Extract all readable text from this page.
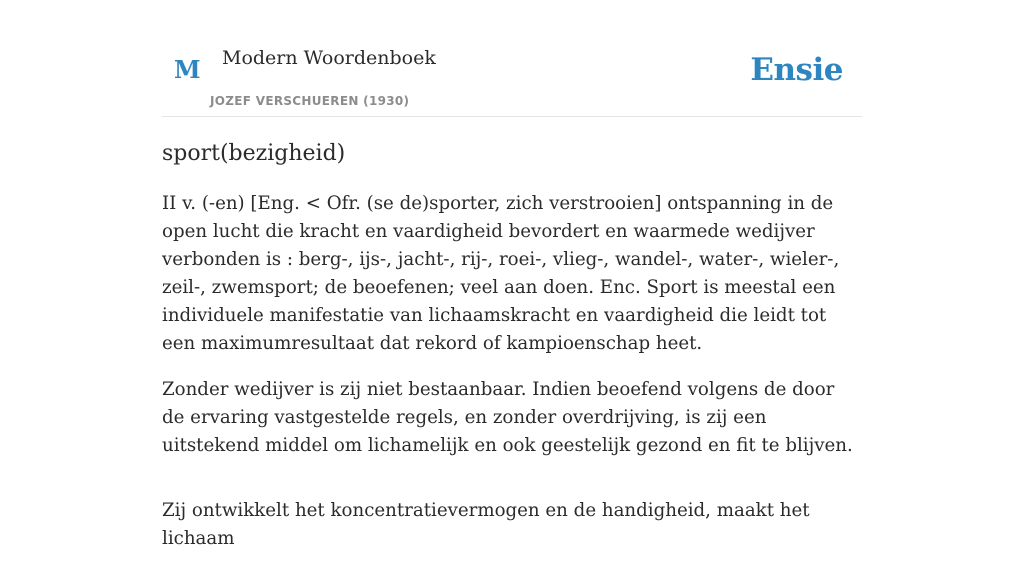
M Modern Woordenboek
JOZEF VERSCHUEREN (1930)
Ensie
sport(bezigheid)

II v. (-en) [Eng. < Ofr. (se de)sporter, zich verstrooien] ontspanning in de open lucht die kracht en vaardigheid bevordert en waarmede wedijver verbonden is : berg-, ijs-, jacht-, rij-, roei-, vlieg-, wandel-, water-, wieler-, zeil-, zwemsport; de beoefenen; veel aan doen. Enc. Sport is meestal een individuele manifestatie van lichaamskracht en vaardigheid die leidt tot een maximumresultaat dat rekord of kampioenschap heet.

Zonder wedijver is zij niet bestaanbaar. Indien beoefend volgens de door de ervaring vastgestelde regels, en zonder overdrijving, is zij een uitstekend middel om lichamelijk en ook geestelijk gezond en fit te blijven.

Zij ontwikkelt het koncentratievermogen en de handigheid, maakt het lichaam
